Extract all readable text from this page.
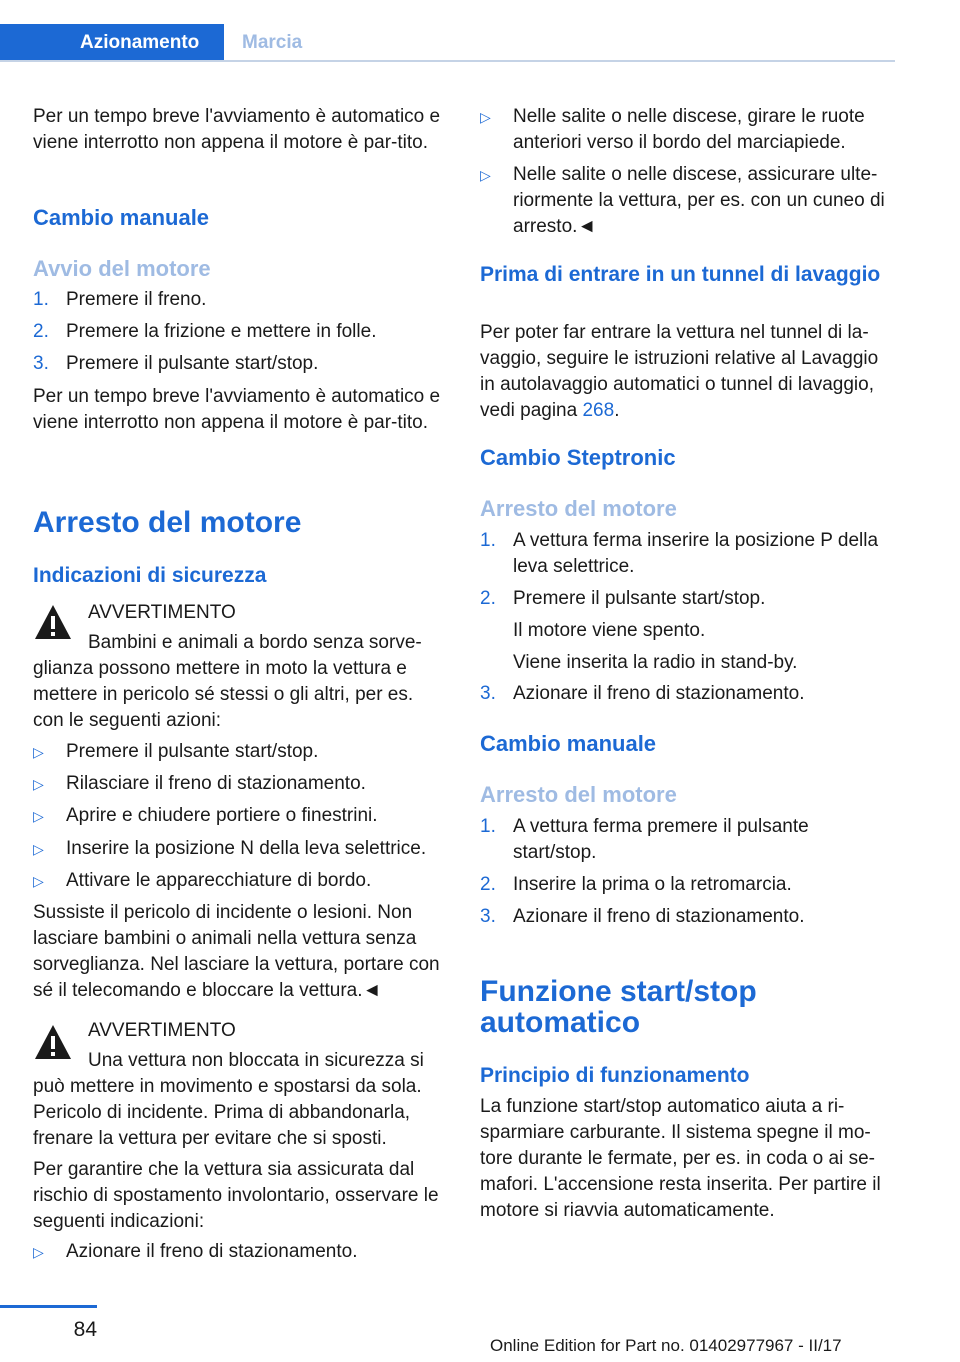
Azionamento	Marcia

Per un tempo breve l'avviamento è automatico e viene interrotto non appena il motore è par-tito.

Cambio manuale
Avvio del motore
1. Premere il freno.
2. Premere la frizione e mettere in folle.
3. Premere il pulsante start/stop.

Per un tempo breve l'avviamento è automatico e viene interrotto non appena il motore è par-tito.

Arresto del motore
Indicazioni di sicurezza
AVVERTIMENTO

Bambini e animali a bordo senza sorve-glianza possono mettere in moto la vettura e mettere in pericolo sé stessi o gli altri, per es. con le seguenti azioni:

▷ Premere il pulsante start/stop.
▷ Rilasciare il freno di stazionamento.
▷ Aprire e chiudere portiere o finestrini.
▷ Inserire la posizione N della leva selettrice.
▷ Attivare le apparecchiature di bordo.

Sussiste il pericolo di incidente o lesioni. Non lasciare bambini o animali nella vettura senza sorveglianza. Nel lasciare la vettura, portare con sé il telecomando e bloccare la vettura.◄

AVVERTIMENTO

Una vettura non bloccata in sicurezza si può mettere in movimento e spostarsi da sola. Pericolo di incidente. Prima di abbandonarla, frenare la vettura per evitare che si sposti.

Per garantire che la vettura sia assicurata dal rischio di spostamento involontario, osservare le seguenti indicazioni:

▷ Azionare il freno di stazionamento.
▷ Nelle salite o nelle discese, girare le ruote anteriori verso il bordo del marciapiede.

▷ Nelle salite o nelle discese, assicurare ulte-riormente la vettura, per es. con un cuneo di arresto.◄

Prima di entrare in un tunnel di lavaggio

Per poter far entrare la vettura nel tunnel di la-vaggio, seguire le istruzioni relative al Lavaggio in autolavaggio automatici o tunnel di lavaggio, vedi pagina 268.

Cambio Steptronic
Arresto del motore
1. A vettura ferma inserire la posizione P della leva selettrice.

2. Premere il pulsante start/stop.
Il motore viene spento.
Viene inserita la radio in stand-by.
3. Azionare il freno di stazionamento.
Cambio manuale
Arresto del motore
1. A vettura ferma premere il pulsante start/stop.

2. Inserire la prima o la retromarcia.
3. Azionare il freno di stazionamento.
Funzione start/stop automatico
Principio di funzionamento

La funzione start/stop automatico aiuta a ri-sparmiare carburante. Il sistema spegne il mo-tore durante le fermate, per es. in coda o ai se-mafori. L'accensione resta inserita. Per partire il motore si riavvia automaticamente.

84
Online Edition for Part no. 01402977967 - II/17
